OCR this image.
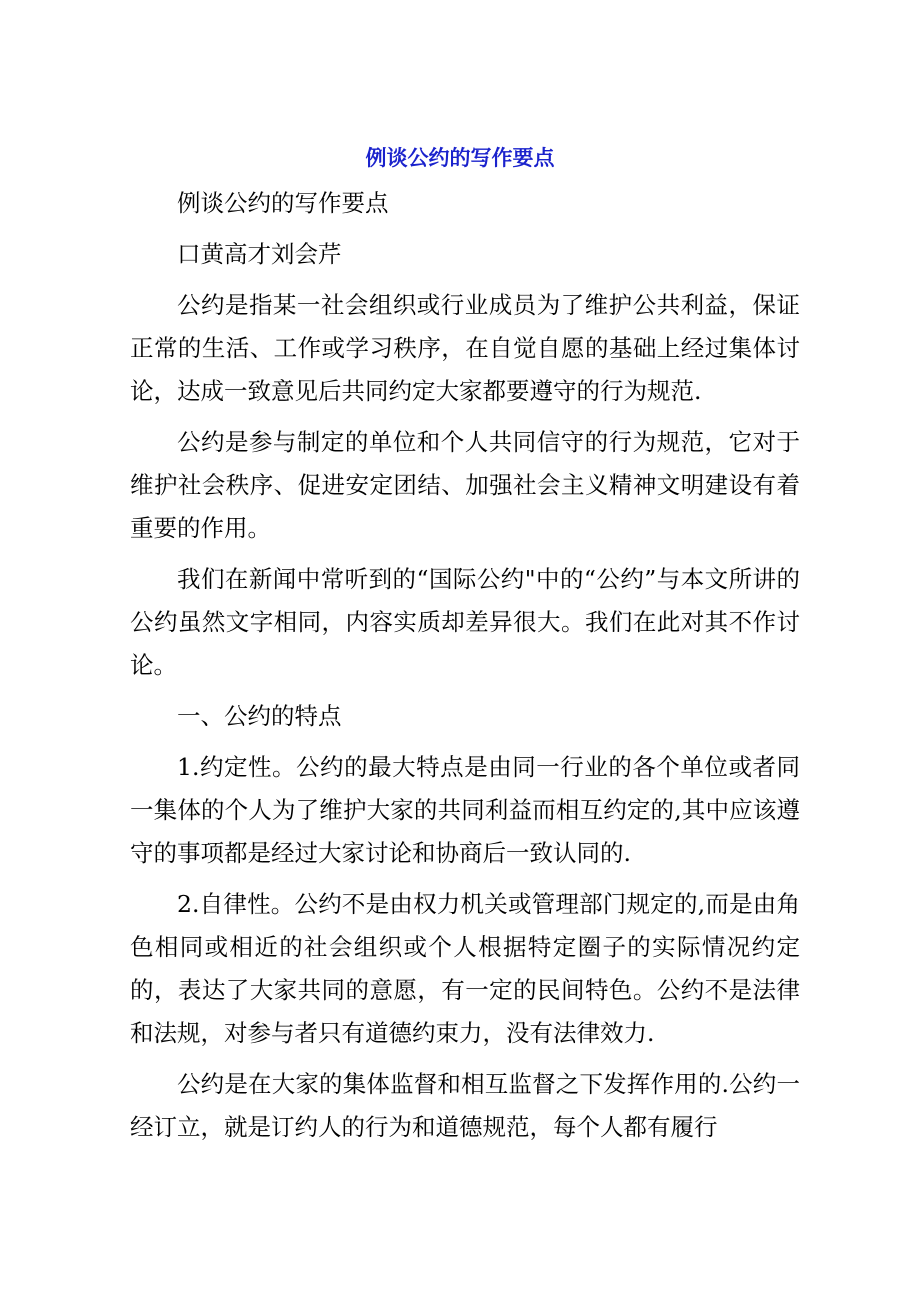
例谈公约的写作要点

例谈公约的写作要点

口黄高才刘会芹

公约是指某一社会组织或行业成员为了维护公共利益，保证正常的生活、工作或学习秩序，在自觉自愿的基础上经过集体讨论，达成一致意见后共同约定大家都要遵守的行为规范.

公约是参与制定的单位和个人共同信守的行为规范，它对于维护社会秩序、促进安定团结、加强社会主义精神文明建设有着重要的作用。

我们在新闻中常听到的“国际公约"中的“公约”与本文所讲的公约虽然文字相同，内容实质却差异很大。我们在此对其不作讨论。

一、公约的特点

1.约定性。公约的最大特点是由同一行业的各个单位或者同一集体的个人为了维护大家的共同利益而相互约定的,其中应该遵守的事项都是经过大家讨论和协商后一致认同的.

2.自律性。公约不是由权力机关或管理部门规定的,而是由角色相同或相近的社会组织或个人根据特定圈子的实际情况约定的，表达了大家共同的意愿，有一定的民间特色。公约不是法律和法规，对参与者只有道德约束力，没有法律效力.

公约是在大家的集体监督和相互监督之下发挥作用的.公约一经订立，就是订约人的行为和道德规范，每个人都有履行
